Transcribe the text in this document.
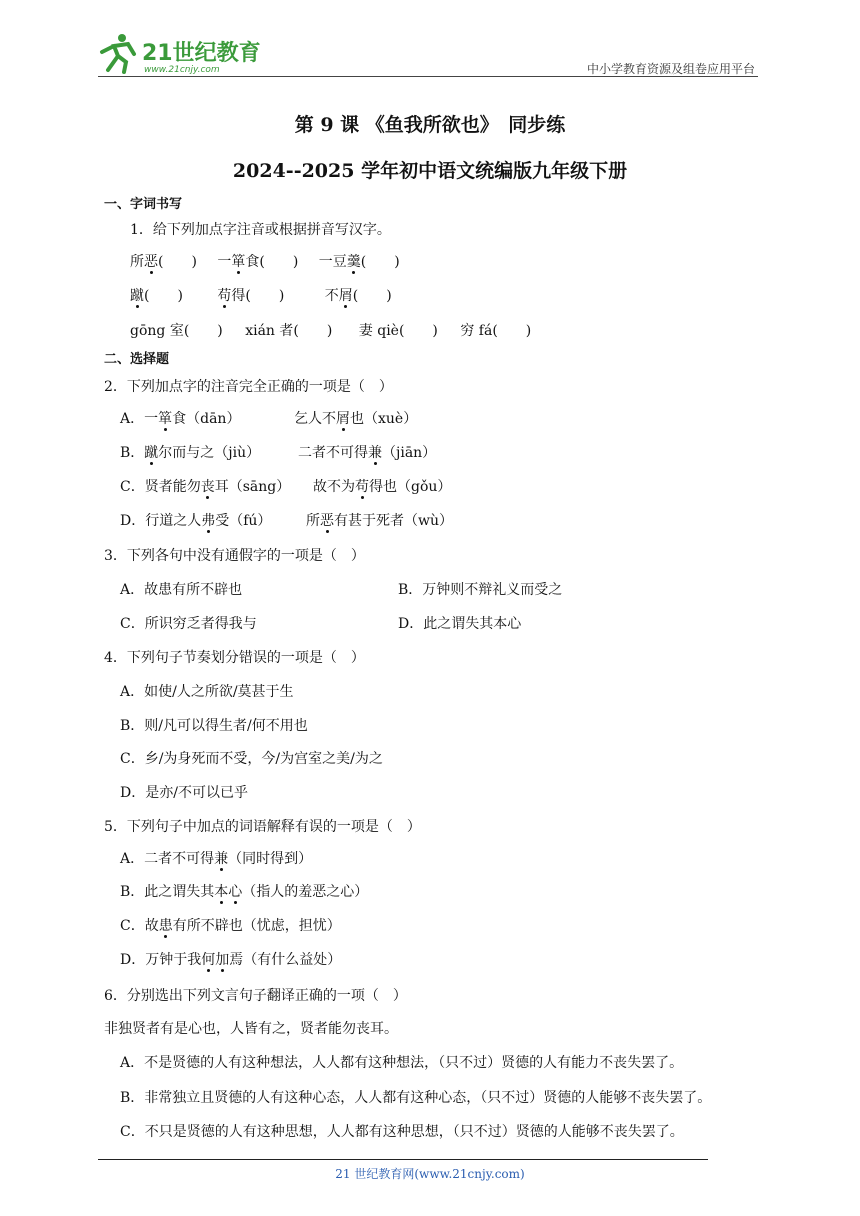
21世纪教育
www.21cnjy.com	中小学教育资源及组卷应用平台
第 9 课 《鱼我所欲也》　同步练
2024--2025 学年初中语文统编版九年级下册
一、字词书写
1．给下列加点字注音或根据拼音写汉字。
所恶(　　) 一箪食(　　) 一豆羹(　　)
蹴(　　) 苟得(　　)	不屑(　　)
gōng 室(　　) xián 者(　　) 妻 qiè(　　) 穷 fá(　　)
二、选择题
2．下列加点字的注音完全正确的一项是（　）
A．一箪食（dān）	乞人不屑也（xuè）
B．蹴尔而与之（jiù）	二者不可得兼（jiān）
C．贤者能勿丧耳（sāng） 故不为苟得也（gǒu）
D．行道之人弗受（fú） 所恶有甚于死者（wù）
3．下列各句中没有通假字的一项是（　）
A．故患有所不辟也	B．万钟则不辩礼义而受之
C．所识穷乏者得我与	D．此之谓失其本心
4．下列句子节奏划分错误的一项是（　）
A．如使/人之所欲/莫甚于生
B．则/凡可以得生者/何不用也
C．乡/为身死而不受，今/为宫室之美/为之
D．是亦/不可以已乎
5．下列句子中加点的词语解释有误的一项是（　）
A．二者不可得兼（同时得到）
B．此之谓失其本心（指人的羞恶之心）
C．故患有所不辟也（忧虑，担忧）
D．万钟于我何加焉（有什么益处）
6．分别选出下列文言句子翻译正确的一项（　）
非独贤者有是心也，人皆有之，贤者能勿丧耳。
A．不是贤德的人有这种想法，人人都有这种想法，（只不过）贤德的人有能力不丧失罢了。
B．非常独立且贤德的人有这种心态，人人都有这种心态，（只不过）贤德的人能够不丧失罢了。
C．不只是贤德的人有这种思想，人人都有这种思想，（只不过）贤德的人能够不丧失罢了。
21 世纪教育网(www.21cnjy.com)
